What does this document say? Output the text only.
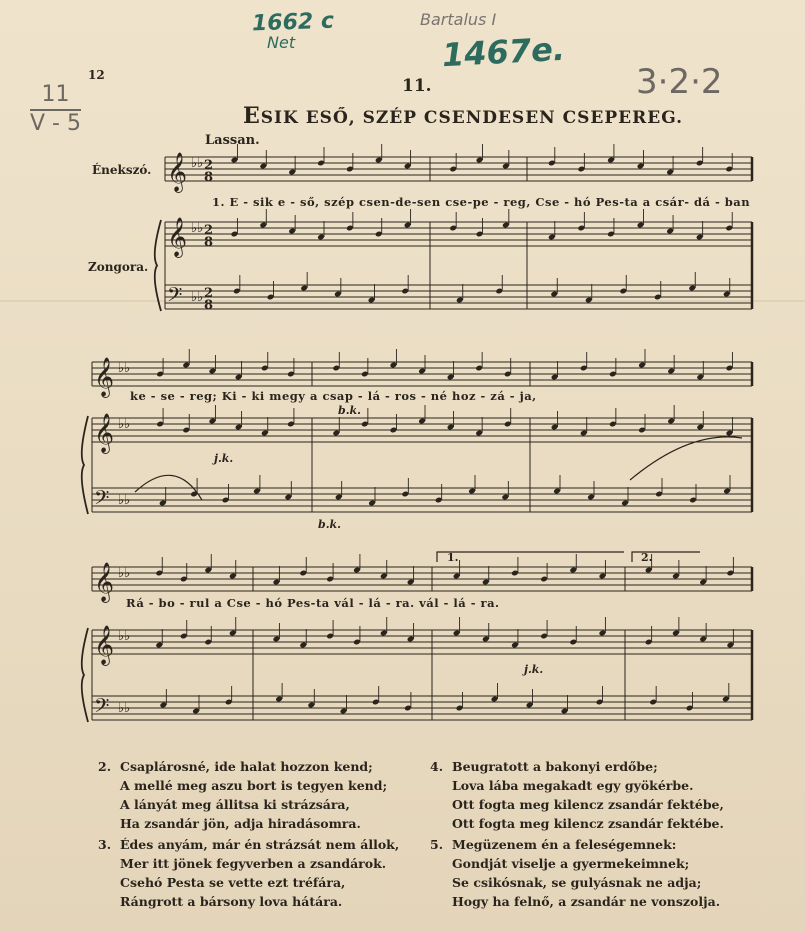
1662 c
Net
Bartalus I
1467e.
3·2·2
11
V - 5
12
11.
ESIK ESŐ, SZÉP CSENDESEN CSEPEREG.
Lassan.
Énekszó.
Zongora.
1. E - sik e - ső, szép csen-de-sen cse-pe - reg, Cse - hó Pes-ta a csár- dá - ban
ke - se - reg; Ki - ki megy a csap - lá - ros - né hoz - zá - ja,
Rá - bo - rul a Cse - hó Pes-ta vál - lá - ra. vál - lá - ra.
j.k.
b.k.
b.k.
j.k.
1.	2.
𝄞
𝄞
𝄢
♭♭
♭♭
♭♭
𝄞
𝄞
𝄢
♭♭
♭♭
♭♭
𝄞
𝄞
𝄢
♭♭
♭♭
♭♭
2
8
2
8
2
8
2. Csaplárosné, ide halat hozzon kend;
A mellé meg aszu bort is tegyen kend;
A lányát meg állitsa ki strázsára,
Ha zsandár jön, adja hiradásomra.
3. Édes anyám, már én strázsát nem állok,
Mer itt jönek fegyverben a zsandárok.
Csehó Pesta se vette ezt tréfára,
Rángrott a bársony lova hátára.
4. Beugratott a bakonyi erdőbe;
Lova lába megakadt egy gyökérbe.
Ott fogta meg kilencz zsandár fektébe,
Ott fogta meg kilencz zsandár fektébe.
5. Megüzenem én a feleségemnek:
Gondját viselje a gyermekeimnek;
Se csikósnak, se gulyásnak ne adja;
Hogy ha felnő, a zsandár ne vonszolja.
